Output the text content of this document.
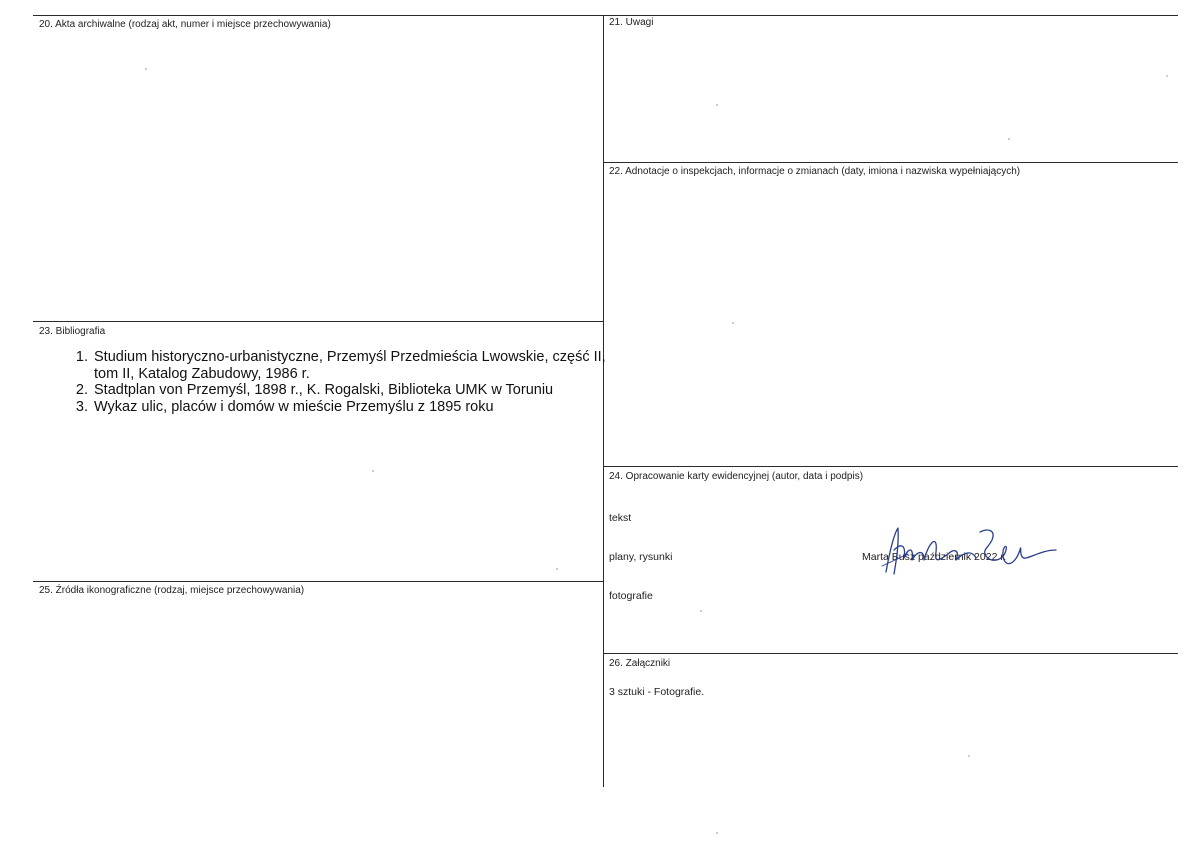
20. Akta archiwalne (rodzaj akt, numer i miejsce przechowywania)	21. Uwagi
22. Adnotacje o inspekcjach, informacje o zmianach (daty, imiona i nazwiska wypełniających)
23. Bibliografia
24. Opracowanie karty ewidencyjnej (autor, data i podpis)
25. Źródła ikonograficzne (rodzaj, miejsce przechowywania)
26. Załączniki
1. Studium historyczno-urbanistyczne, Przemyśl Przedmieścia Lwowskie, część II, tom II, Katalog Zabudowy, 1986 r.
2. Stadtplan von Przemyśl, 1898 r., K. Rogalski, Biblioteka UMK w Toruniu
3. Wykaz ulic, placów i domów w mieście Przemyślu z 1895 roku
tekst
plany, rysunki
fotografie
Marta Busz październik 2022 r.
3 sztuki - Fotografie.
